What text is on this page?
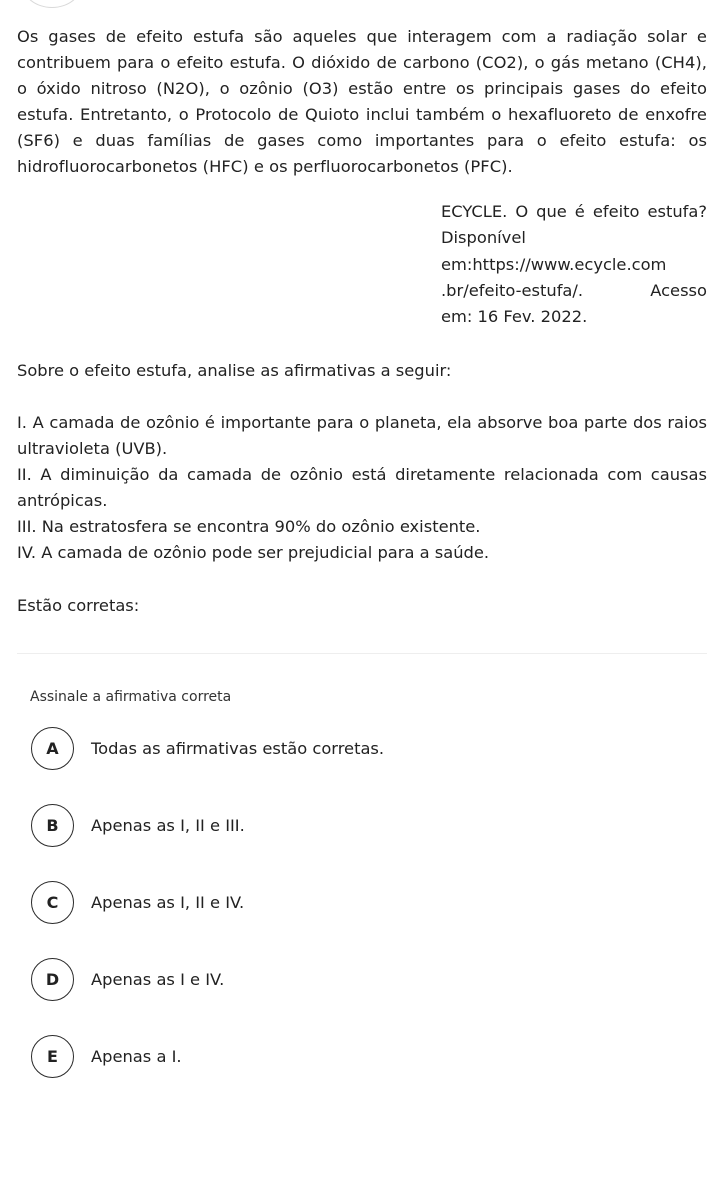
Os gases de efeito estufa são aqueles que interagem com a radiação solar e contribuem para o efeito estufa. O dióxido de carbono (CO2), o gás metano (CH4), o óxido nitroso (N2O), o ozônio (O3) estão entre os principais gases do efeito estufa. Entretanto, o Protocolo de Quioto inclui também o hexafluoreto de enxofre (SF6) e duas famílias de gases como importantes para o efeito estufa: os hidrofluorocarbonetos (HFC) e os perfluorocarbonetos (PFC).

ECYCLE. O que é efeito estufa? Disponível em:https://www.ecycle.com .br/efeito-estufa/. Acesso
em: 16 Fev. 2022.

Sobre o efeito estufa, analise as afirmativas a seguir:

I. A camada de ozônio é importante para o planeta, ela absorve boa parte dos raios ultravioleta (UVB).
II. A diminuição da camada de ozônio está diretamente relacionada com causas antrópicas.
III. Na estratosfera se encontra 90% do ozônio existente.
IV. A camada de ozônio pode ser prejudicial para a saúde.

Estão corretas:

Assinale a afirmativa correta
A	Todas as afirmativas estão corretas.
B	Apenas as I, II e III.
C	Apenas as I, II e IV.
D	Apenas as I e IV.
E	Apenas a I.
